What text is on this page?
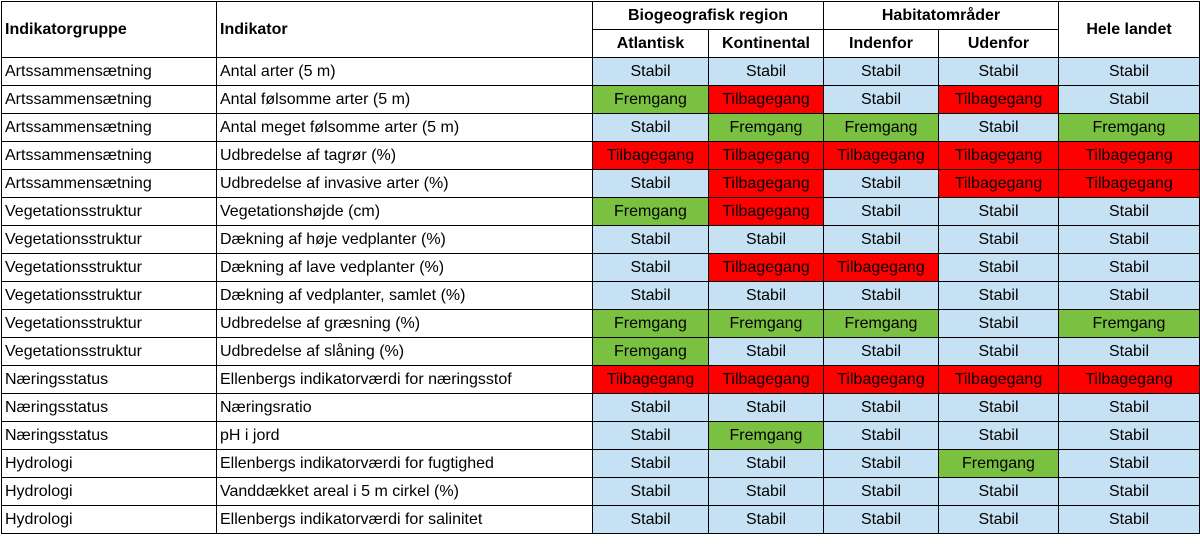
Indikatorgruppe	Indikator	Biogeografisk region		Habitatområder		Hele landet
		Atlantisk	Kontinental	Indenfor	Udenfor	
Artssammensætning	Antal arter (5 m)	Stabil	Stabil	Stabil	Stabil	Stabil
Artssammensætning	Antal følsomme arter (5 m)	Fremgang	Tilbagegang	Stabil	Tilbagegang	Stabil
Artssammensætning	Antal meget følsomme arter (5 m)	Stabil	Fremgang	Fremgang	Stabil	Fremgang
Artssammensætning	Udbredelse af tagrør (%)	Tilbagegang	Tilbagegang	Tilbagegang	Tilbagegang	Tilbagegang
Artssammensætning	Udbredelse af invasive arter (%)	Stabil	Tilbagegang	Stabil	Tilbagegang	Tilbagegang
Vegetationsstruktur	Vegetationshøjde (cm)	Fremgang	Tilbagegang	Stabil	Stabil	Stabil
Vegetationsstruktur	Dækning af høje vedplanter (%)	Stabil	Stabil	Stabil	Stabil	Stabil
Vegetationsstruktur	Dækning af lave vedplanter (%)	Stabil	Tilbagegang	Tilbagegang	Stabil	Stabil
Vegetationsstruktur	Dækning af vedplanter, samlet (%)	Stabil	Stabil	Stabil	Stabil	Stabil
Vegetationsstruktur	Udbredelse af græsning (%)	Fremgang	Fremgang	Fremgang	Stabil	Fremgang
Vegetationsstruktur	Udbredelse af slåning (%)	Fremgang	Stabil	Stabil	Stabil	Stabil
Næringsstatus	Ellenbergs indikatorværdi for næringsstof	Tilbagegang	Tilbagegang	Tilbagegang	Tilbagegang	Tilbagegang
Næringsstatus	Næringsratio	Stabil	Stabil	Stabil	Stabil	Stabil
Næringsstatus	pH i jord	Stabil	Fremgang	Stabil	Stabil	Stabil
Hydrologi	Ellenbergs indikatorværdi for fugtighed	Stabil	Stabil	Stabil	Fremgang	Stabil
Hydrologi	Vanddækket areal i 5 m cirkel (%)	Stabil	Stabil	Stabil	Stabil	Stabil
Hydrologi	Ellenbergs indikatorværdi for salinitet	Stabil	Stabil	Stabil	Stabil	Stabil
